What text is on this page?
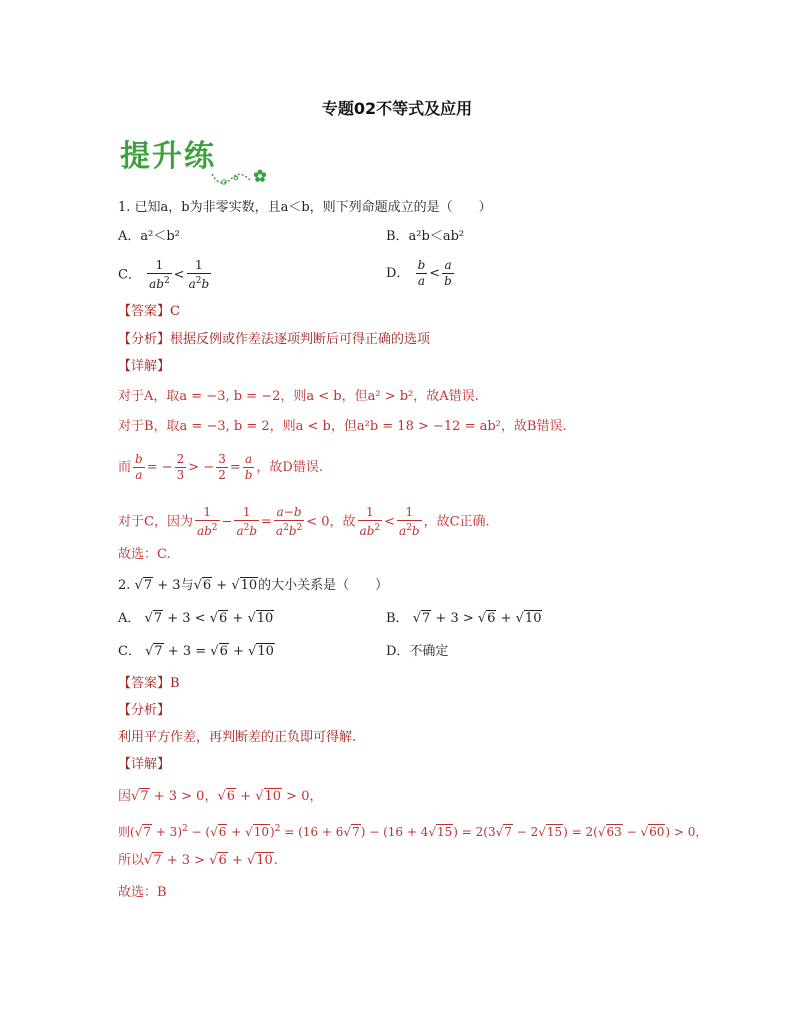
专题02不等式及应用
提升练
1. 已知a，b为非零实数，且a＜b，则下列命题成立的是（　　）
A．a²＜b²	B．a²b＜ab²
C． $\frac{1}{ab^2} < \frac{1}{a^2b}$	D． $\frac{b}{a} < \frac{a}{b}$
【答案】C
【分析】根据反例或作差法逐项判断后可得正确的选项
【详解】
对于A，取a = −3, b = −2，则a < b，但a² > b²，故A错误.
对于B，取a = −3, b = 2，则a < b，但a²b = 18 > −12 = ab²，故B错误.
而 $\frac{b}{a}$ = − $\frac{2}{3}$ > − $\frac{3}{2} = \frac{a}{b}$ ，故D错误.
对于C，因为 $\frac{1}{ab^2} - \frac{1}{a^2b} = \frac{a-b}{a^2b^2} < 0$，故 $\frac{1}{ab^2} < \frac{1}{a^2b}$ ，故C正确.
故选：C.
2. √7 + 3与√6 + √10的大小关系是（　　）
A． √7 + 3 < √6 + √10	B． √7 + 3 > √6 + √10
C． √7 + 3 = √6 + √10	D．不确定
【答案】B
【分析】
利用平方作差，再判断差的正负即可得解.
【详解】
因√7 + 3 > 0，√6 + √10 > 0，
则$(√7 + 3)^2 - (√6 + √10)^2 = (16 + 6√7) - (16 + 4√15) = 2(3√7 - 2√15) = 2(√63 - √60) > 0$，
所以√7 + 3 > √6 + √10.
故选：B
